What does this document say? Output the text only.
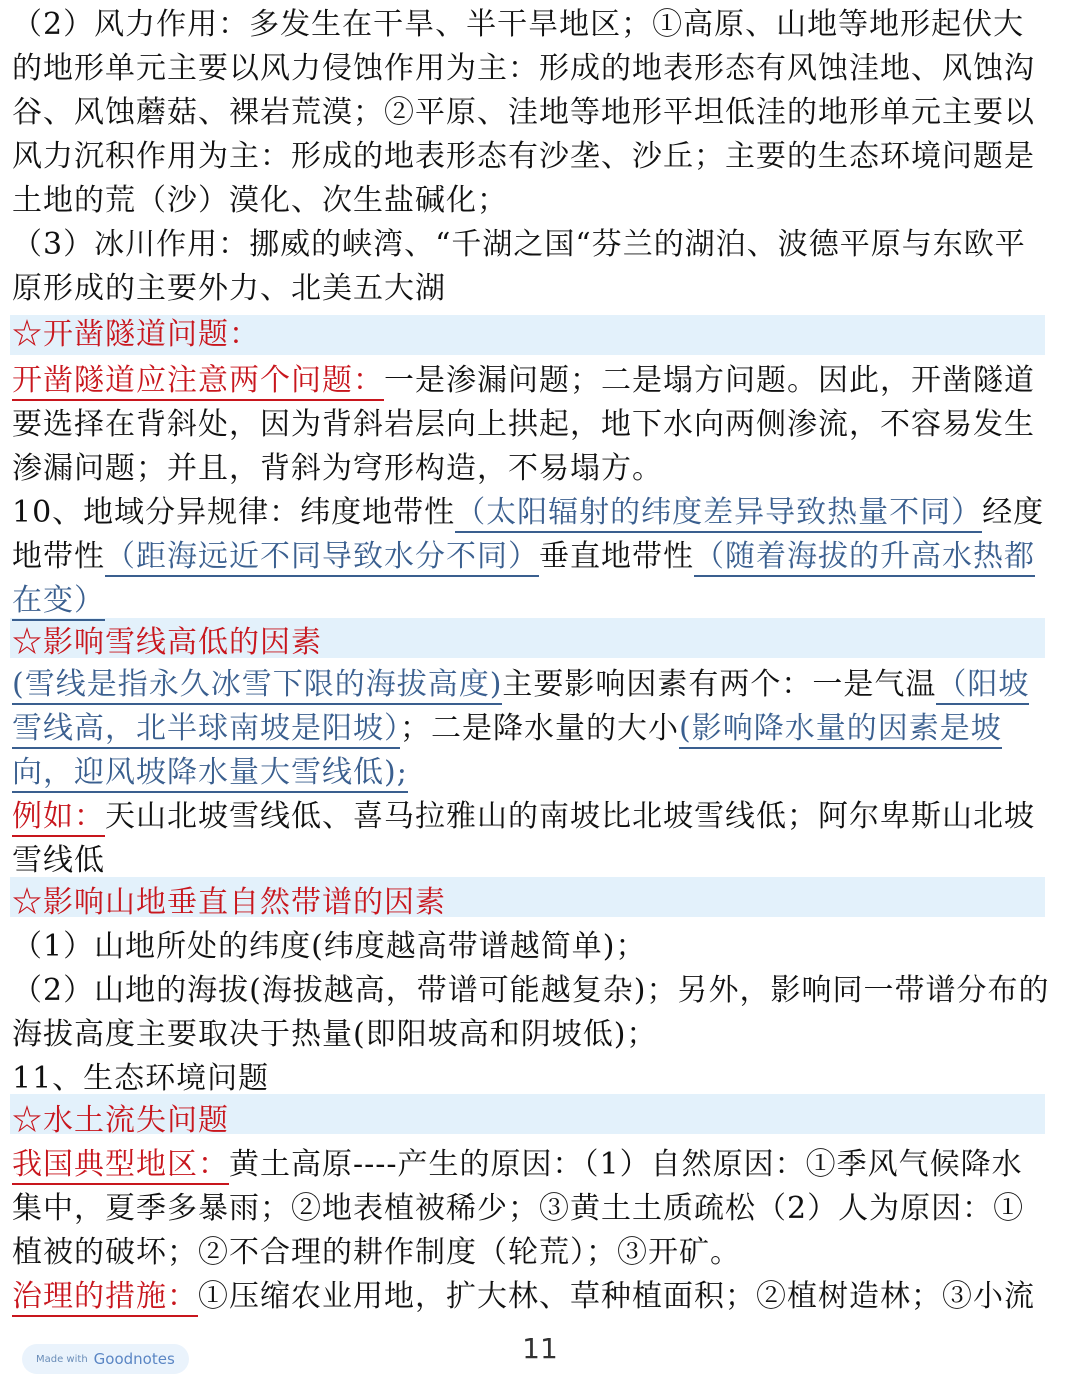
（2）风力作用：多发生在干旱、半干旱地区；①高原、山地等地形起伏大
的地形单元主要以风力侵蚀作用为主：形成的地表形态有风蚀洼地、风蚀沟
谷、风蚀蘑菇、裸岩荒漠；②平原、洼地等地形平坦低洼的地形单元主要以
风力沉积作用为主：形成的地表形态有沙垄、沙丘；主要的生态环境问题是
土地的荒（沙）漠化、次生盐碱化；
（3）冰川作用：挪威的峡湾、“千湖之国“芬兰的湖泊、波德平原与东欧平
原形成的主要外力、北美五大湖
☆开凿隧道问题：
开凿隧道应注意两个问题：一是渗漏问题；二是塌方问题。因此，开凿隧道
要选择在背斜处，因为背斜岩层向上拱起，地下水向两侧渗流，不容易发生
渗漏问题；并且，背斜为穹形构造，不易塌方。
10、地域分异规律：纬度地带性（太阳辐射的纬度差异导致热量不同）经度
地带性（距海远近不同导致水分不同）垂直地带性（随着海拔的升高水热都
在变）
☆影响雪线高低的因素
(雪线是指永久冰雪下限的海拔高度)主要影响因素有两个：一是气温（阳坡
雪线高，北半球南坡是阳坡）；二是降水量的大小(影响降水量的因素是坡
向，迎风坡降水量大雪线低);
例如：天山北坡雪线低、喜马拉雅山的南坡比北坡雪线低；阿尔卑斯山北坡
雪线低
☆影响山地垂直自然带谱的因素
（1）山地所处的纬度(纬度越高带谱越简单)；
（2）山地的海拔(海拔越高，带谱可能越复杂)；另外，影响同一带谱分布的
海拔高度主要取决于热量(即阳坡高和阴坡低)；
11、生态环境问题
☆水土流失问题
我国典型地区：黄土高原----产生的原因：（1）自然原因：①季风气候降水
集中，夏季多暴雨；②地表植被稀少；③黄土土质疏松（2）人为原因：①
植被的破坏；②不合理的耕作制度（轮荒）；③开矿。
治理的措施：①压缩农业用地，扩大林、草种植面积；②植树造林；③小流
11
Made with Goodnotes
